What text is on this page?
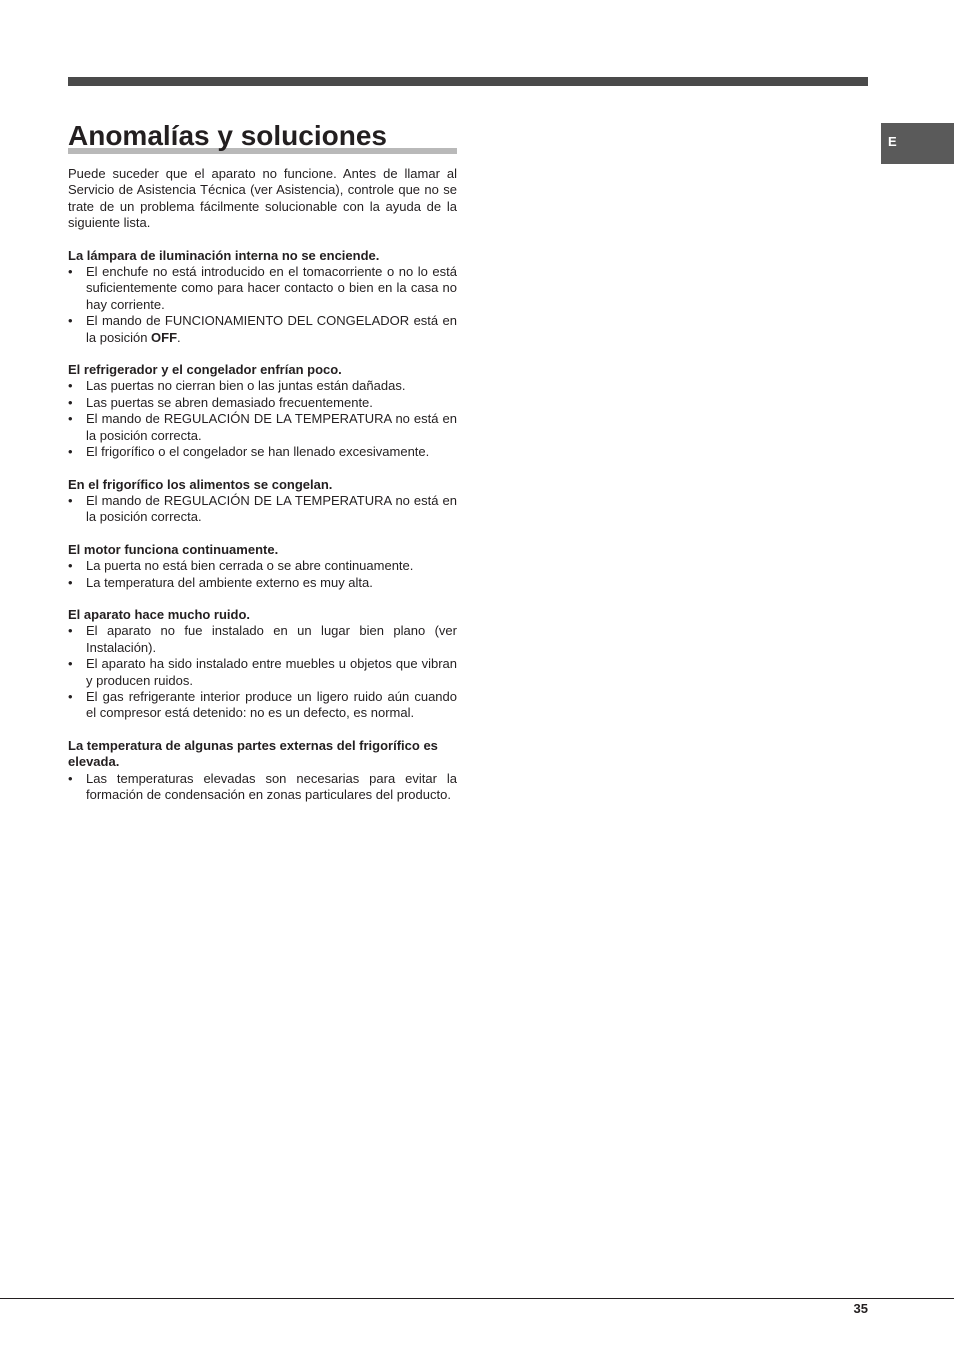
Anomalías y soluciones	E

Puede suceder que el aparato no funcione. Antes de llamar al Servicio de Asistencia Técnica (ver Asistencia), controle que no se trate de un problema fácilmente solucionable con la ayuda de la siguiente lista.

La lámpara de iluminación interna no se enciende.

• El enchufe no está introducido en el tomacorriente o no lo está suficientemente como para hacer contacto o bien en la casa no hay corriente.
• El mando de FUNCIONAMIENTO DEL CONGELADOR está en la posición OFF.

El refrigerador y el congelador enfrían poco.

• Las puertas no cierran bien o las juntas están dañadas.
• Las puertas se abren demasiado frecuentemente.
• El mando de REGULACIÓN DE LA TEMPERATURA no está en la posición correcta.
• El frigorífico o el congelador se han llenado excesivamente.

En el frigorífico los alimentos se congelan.

• El mando de REGULACIÓN DE LA TEMPERATURA no está en la posición correcta.

El motor funciona continuamente.

• La puerta no está bien cerrada o se abre continuamente.
• La temperatura del ambiente externo es muy alta.

El aparato hace mucho ruido.

• El aparato no fue instalado en un lugar bien plano (ver Instalación).
• El aparato ha sido instalado entre muebles u objetos que vibran y producen ruidos.
• El gas refrigerante interior produce un ligero ruido aún cuando el compresor está detenido: no es un defecto, es normal.

La temperatura de algunas partes externas del frigorífico es elevada.

• Las temperaturas elevadas son necesarias para evitar la formación de condensación en zonas particulares del producto.
35
